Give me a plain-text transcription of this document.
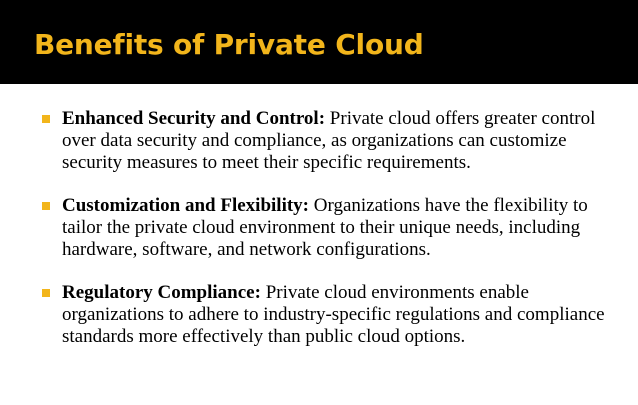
Benefits of Private Cloud
Enhanced Security and Control: Private cloud offers greater control over data security and compliance, as organizations can customize security measures to meet their specific requirements.
Customization and Flexibility: Organizations have the flexibility to tailor the private cloud environment to their unique needs, including hardware, software, and network configurations.
Regulatory Compliance: Private cloud environments enable organizations to adhere to industry-specific regulations and compliance standards more effectively than public cloud options.
